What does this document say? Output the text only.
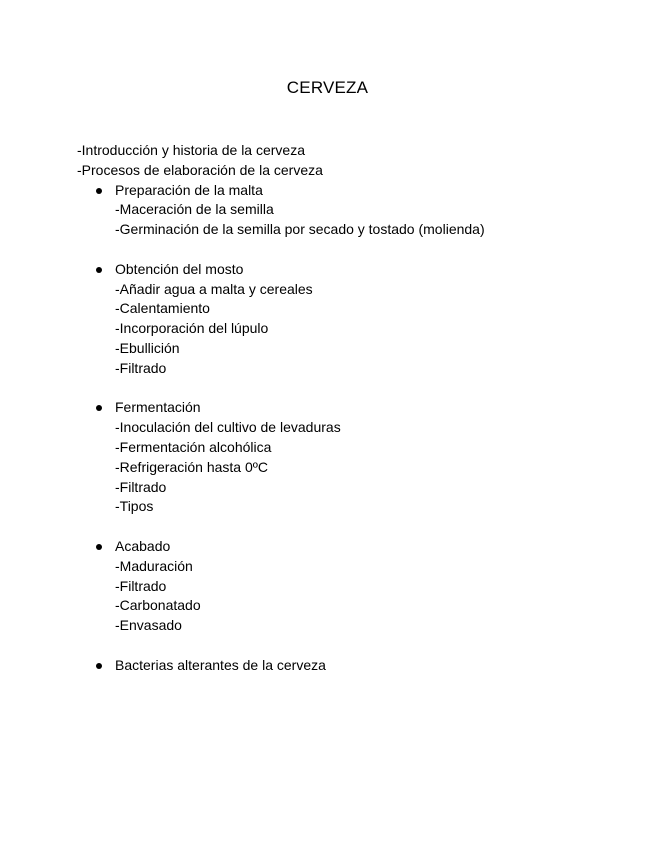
CERVEZA

-Introducción y historia de la cerveza

-Procesos de elaboración de la cerveza

Preparación de la malta

-Maceración de la semilla

-Germinación de la semilla por secado y tostado (molienda)

Obtención del mosto

-Añadir agua a malta y cereales

-Calentamiento

-Incorporación del lúpulo

-Ebullición

-Filtrado

Fermentación

-Inoculación del cultivo de levaduras

-Fermentación alcohólica

-Refrigeración hasta 0ºC

-Filtrado

-Tipos

Acabado

-Maduración

-Filtrado

-Carbonatado

-Envasado

Bacterias alterantes de la cerveza
